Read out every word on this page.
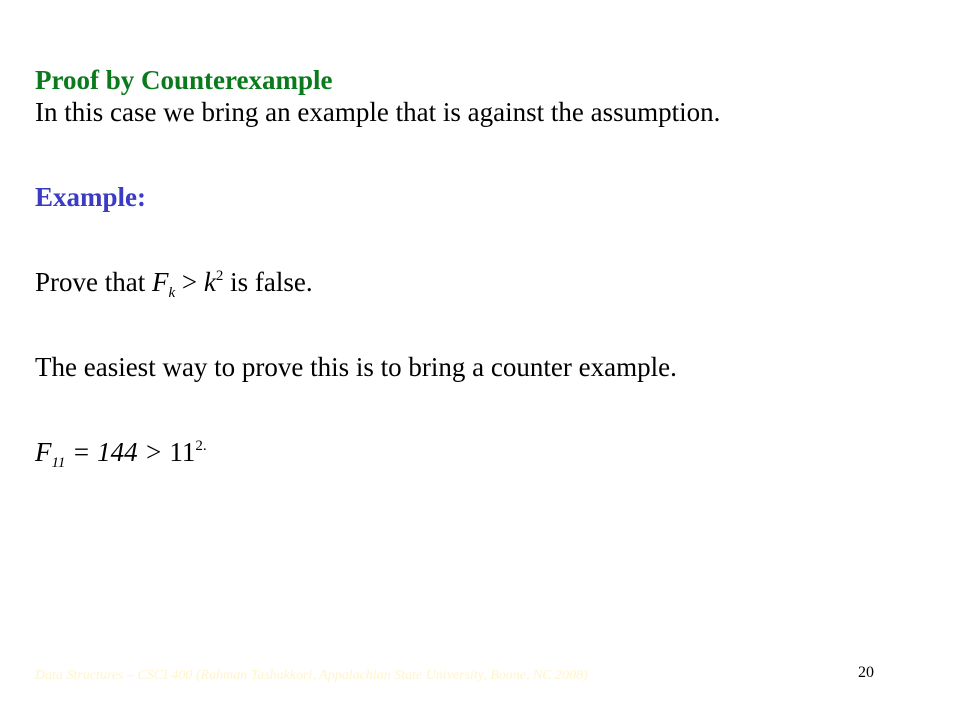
Proof by Counterexample
In this case we bring an example that is against the assumption.
Example:
Prove that $F_k > k^2$ is false.
The easiest way to prove this is to bring a counter example.
$F_{11} = 144 > 11^{2.}$
Data Structures – CSCI 400 (Rahman Tashakkori, Appalachian State University, Boone, NC 2008)	20
